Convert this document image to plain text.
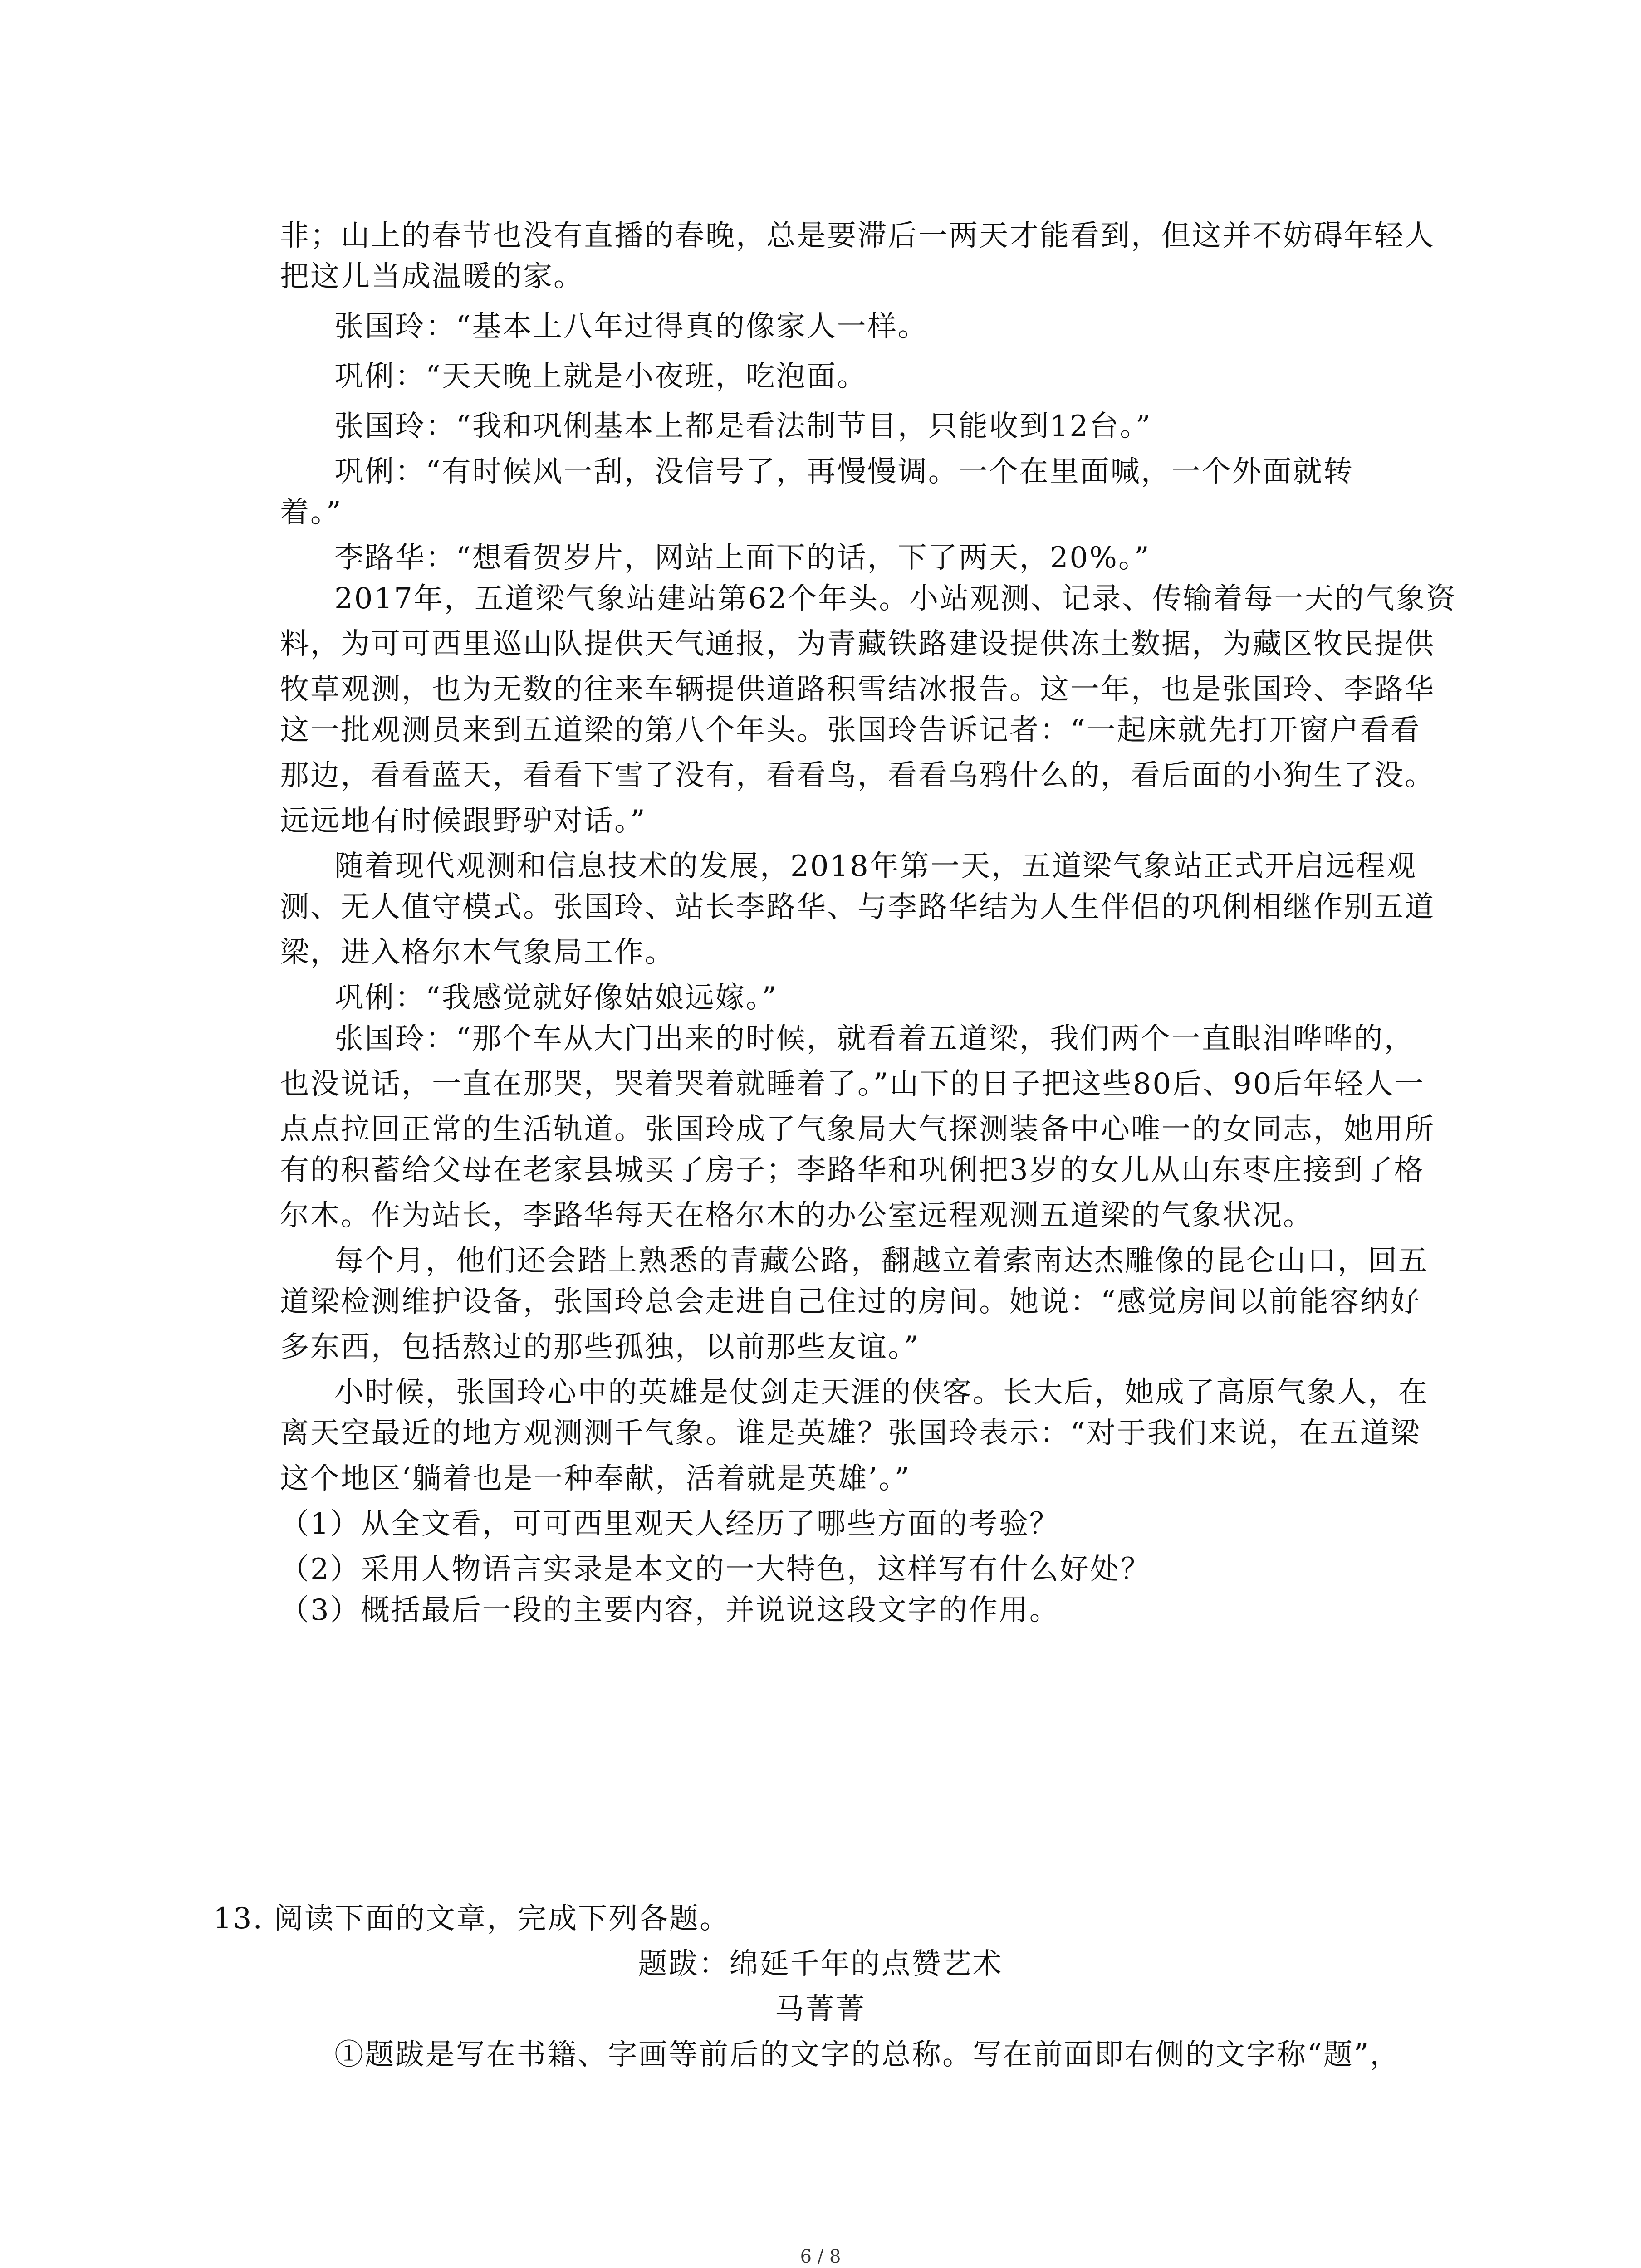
非；山上的春节也没有直播的春晚，总是要滞后一两天才能看到，但这并不妨碍年轻人
把这儿当成温暖的家。
张国玲：“基本上八年过得真的像家人一样。
巩俐：“天天晚上就是小夜班，吃泡面。
张国玲：“我和巩俐基本上都是看法制节目，只能收到12台。”
巩俐：“有时候风一刮，没信号了，再慢慢调。一个在里面喊，一个外面就转
着。”
李路华：“想看贺岁片，网站上面下的话，下了两天，20%。”
2017年，五道梁气象站建站第62个年头。小站观测、记录、传输着每一天的气象资
料，为可可西里巡山队提供天气通报，为青藏铁路建设提供冻土数据，为藏区牧民提供
牧草观测，也为无数的往来车辆提供道路积雪结冰报告。这一年，也是张国玲、李路华
这一批观测员来到五道梁的第八个年头。张国玲告诉记者：“一起床就先打开窗户看看
那边，看看蓝天，看看下雪了没有，看看鸟，看看乌鸦什么的，看后面的小狗生了没。
远远地有时候跟野驴对话。”
随着现代观测和信息技术的发展，2018年第一天，五道梁气象站正式开启远程观
测、无人值守模式。张国玲、站长李路华、与李路华结为人生伴侣的巩俐相继作别五道
梁，进入格尔木气象局工作。
巩俐：“我感觉就好像姑娘远嫁。”
张国玲：“那个车从大门出来的时候，就看着五道梁，我们两个一直眼泪哗哗的，
也没说话，一直在那哭，哭着哭着就睡着了。”山下的日子把这些80后、90后年轻人一
点点拉回正常的生活轨道。张国玲成了气象局大气探测装备中心唯一的女同志，她用所
有的积蓄给父母在老家县城买了房子；李路华和巩俐把3岁的女儿从山东枣庄接到了格
尔木。作为站长，李路华每天在格尔木的办公室远程观测五道梁的气象状况。
每个月，他们还会踏上熟悉的青藏公路，翻越立着索南达杰雕像的昆仑山口，回五
道梁检测维护设备，张国玲总会走进自己住过的房间。她说：“感觉房间以前能容纳好
多东西，包括熬过的那些孤独，以前那些友谊。”
小时候，张国玲心中的英雄是仗剑走天涯的侠客。长大后，她成了高原气象人，在
离天空最近的地方观测测千气象。谁是英雄？张国玲表示：“对于我们来说，在五道梁
这个地区‘躺着也是一种奉献，活着就是英雄’。”
（1）从全文看，可可西里观天人经历了哪些方面的考验？
（2）采用人物语言实录是本文的一大特色，这样写有什么好处？
（3）概括最后一段的主要内容，并说说这段文字的作用。
13. 阅读下面的文章，完成下列各题。
题跋：绵延千年的点赞艺术
马菁菁
①题跋是写在书籍、字画等前后的文字的总称。写在前面即右侧的文字称“题”，
6 / 8
